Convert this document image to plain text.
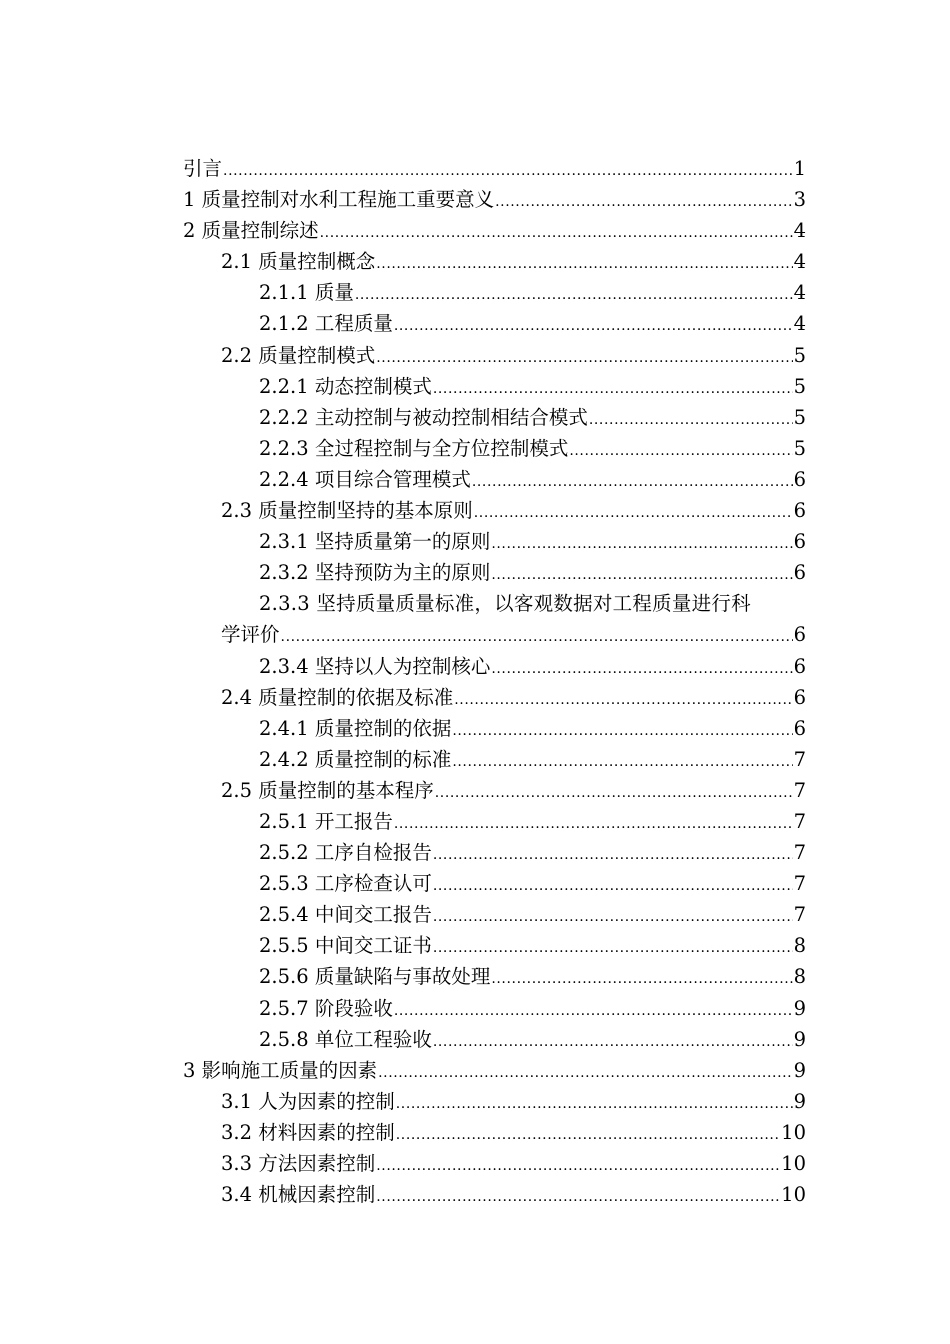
引言 .....	1
1 质量控制对水利工程施工重要意义 .....	3
2 质量控制综述 .....	4
2.1 质量控制概念 .....	4
2.1.1 质量 .....	4
2.1.2 工程质量 .....	4
2.2 质量控制模式 .....	5
2.2.1 动态控制模式 .....	5
2.2.2 主动控制与被动控制相结合模式 .....	5
2.2.3 全过程控制与全方位控制模式 .....	5
2.2.4 项目综合管理模式 .....	6
2.3 质量控制坚持的基本原则 .....	6
2.3.1 坚持质量第一的原则 .....	6
2.3.2 坚持预防为主的原则 .....	6
2.3.3 坚持质量质量标准，以客观数据对工程质量进行科
学评价 .....	6
2.3.4 坚持以人为控制核心 .....	6
2.4 质量控制的依据及标准 .....	6
2.4.1 质量控制的依据 .....	6
2.4.2 质量控制的标准 .....	7
2.5 质量控制的基本程序 .....	7
2.5.1 开工报告 .....	7
2.5.2 工序自检报告 .....	7
2.5.3 工序检查认可 .....	7
2.5.4 中间交工报告 .....	7
2.5.5 中间交工证书 .....	8
2.5.6 质量缺陷与事故处理 .....	8
2.5.7 阶段验收 .....	9
2.5.8 单位工程验收 .....	9
3 影响施工质量的因素 .....	9
3.1 人为因素的控制 .....	9
3.2 材料因素的控制 .....	10
3.3 方法因素控制 .....	10
3.4 机械因素控制 .....	10
